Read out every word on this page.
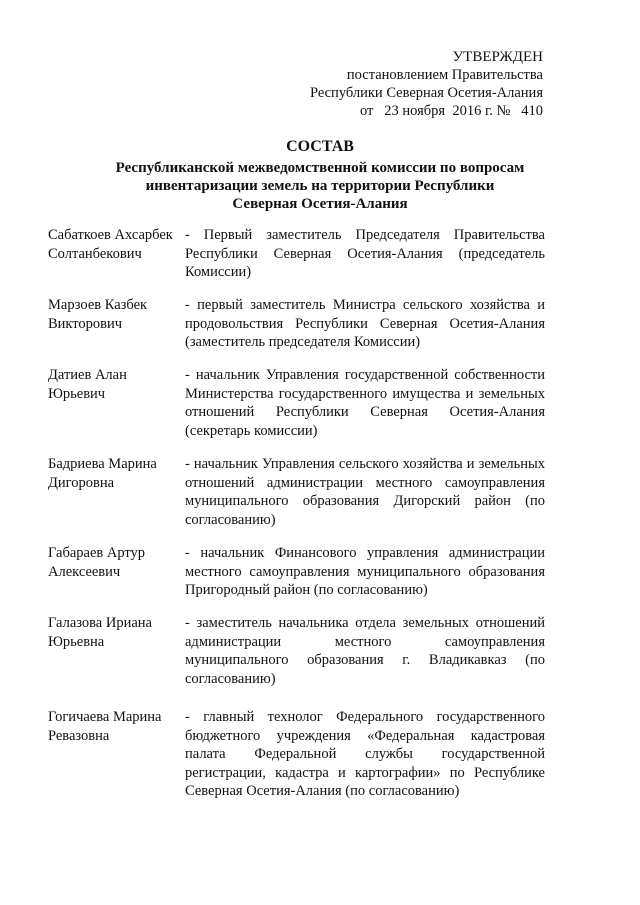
УТВЕРЖДЕН
постановлением Правительства
Республики Северная Осетия-Алания
от   23 ноября  2016 г. №   410
СОСТАВ
Республиканской межведомственной комиссии по вопросам
инвентаризации земель на территории Республики
Северная Осетия-Алания
Сабаткоев Ахсарбек Солтанбекович
- Первый заместитель Председателя Правительства Республики Северная Осетия-Алания (председатель Комиссии)
Марзоев Казбек Викторович
- первый заместитель Министра сельского хозяйства и продовольствия Республики Северная Осетия-Алания (заместитель председателя Комиссии)
Датиев Алан Юрьевич
- начальник Управления государственной собственности Министерства государственного имущества и земельных отношений Республики Северная Осетия-Алания (секретарь комиссии)
Бадриева Марина Дигоровна
- начальник Управления сельского хозяйства и земельных отношений администрации местного самоуправления муниципального образования Дигорский район (по согласованию)
Габараев Артур Алексеевич
- начальник Финансового управления администрации местного самоуправления муниципального образования Пригородный район (по согласованию)
Галазова Ириана Юрьевна
- заместитель начальника отдела земельных отношений администрации местного самоуправления муниципального образования г. Владикавказ (по согласованию)
Гогичаева Марина Ревазовна
- главный технолог Федерального государственного бюджетного учреждения «Федеральная кадастровая палата Федеральной службы государственной регистрации, кадастра и картографии» по Республике Северная Осетия-Алания (по согласованию)
